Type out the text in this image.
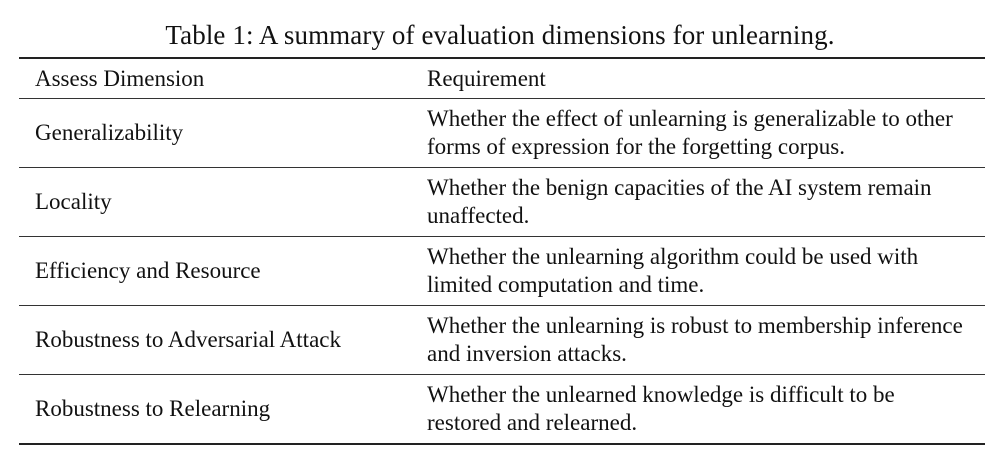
Table 1: A summary of evaluation dimensions for unlearning.
Assess Dimension	Requirement
Generalizability	Whether the effect of unlearning is generalizable to other forms of expression for the forgetting corpus.
Locality	Whether the benign capacities of the AI system remain unaffected.
Efficiency and Resource	Whether the unlearning algorithm could be used with limited computation and time.
Robustness to Adversarial Attack	Whether the unlearning is robust to membership inference and inversion attacks.
Robustness to Relearning	Whether the unlearned knowledge is difficult to be restored and relearned.
